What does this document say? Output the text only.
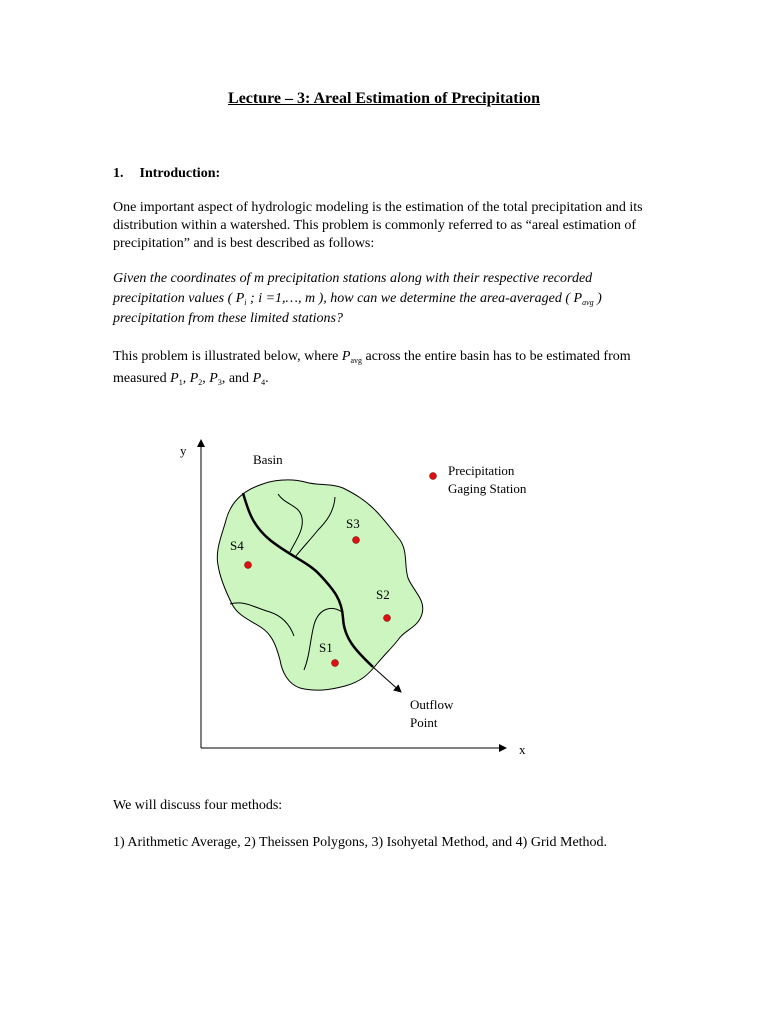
Lecture – 3: Areal Estimation of Precipitation
1. Introduction:
One important aspect of hydrologic modeling is the estimation of the total precipitation and its distribution within a watershed. This problem is commonly referred to as “areal estimation of precipitation” and is best described as follows:
Given the coordinates of m precipitation stations along with their respective recorded precipitation values ( $P_i$ ; i =1,…, m ), how can we determine the area-averaged ( $P_{avg}$ ) precipitation from these limited stations?
This problem is illustrated below, where $P_{avg}$ across the entire basin has to be estimated from measured $P_1$, $P_2$, $P_3$, and $P_4$.
y
x
S1
S2
S3
S4
Basin
Precipitation
Gaging Station
Outflow
Point
We will discuss four methods:
1) Arithmetic Average, 2) Theissen Polygons, 3) Isohyetal Method, and 4) Grid Method.
